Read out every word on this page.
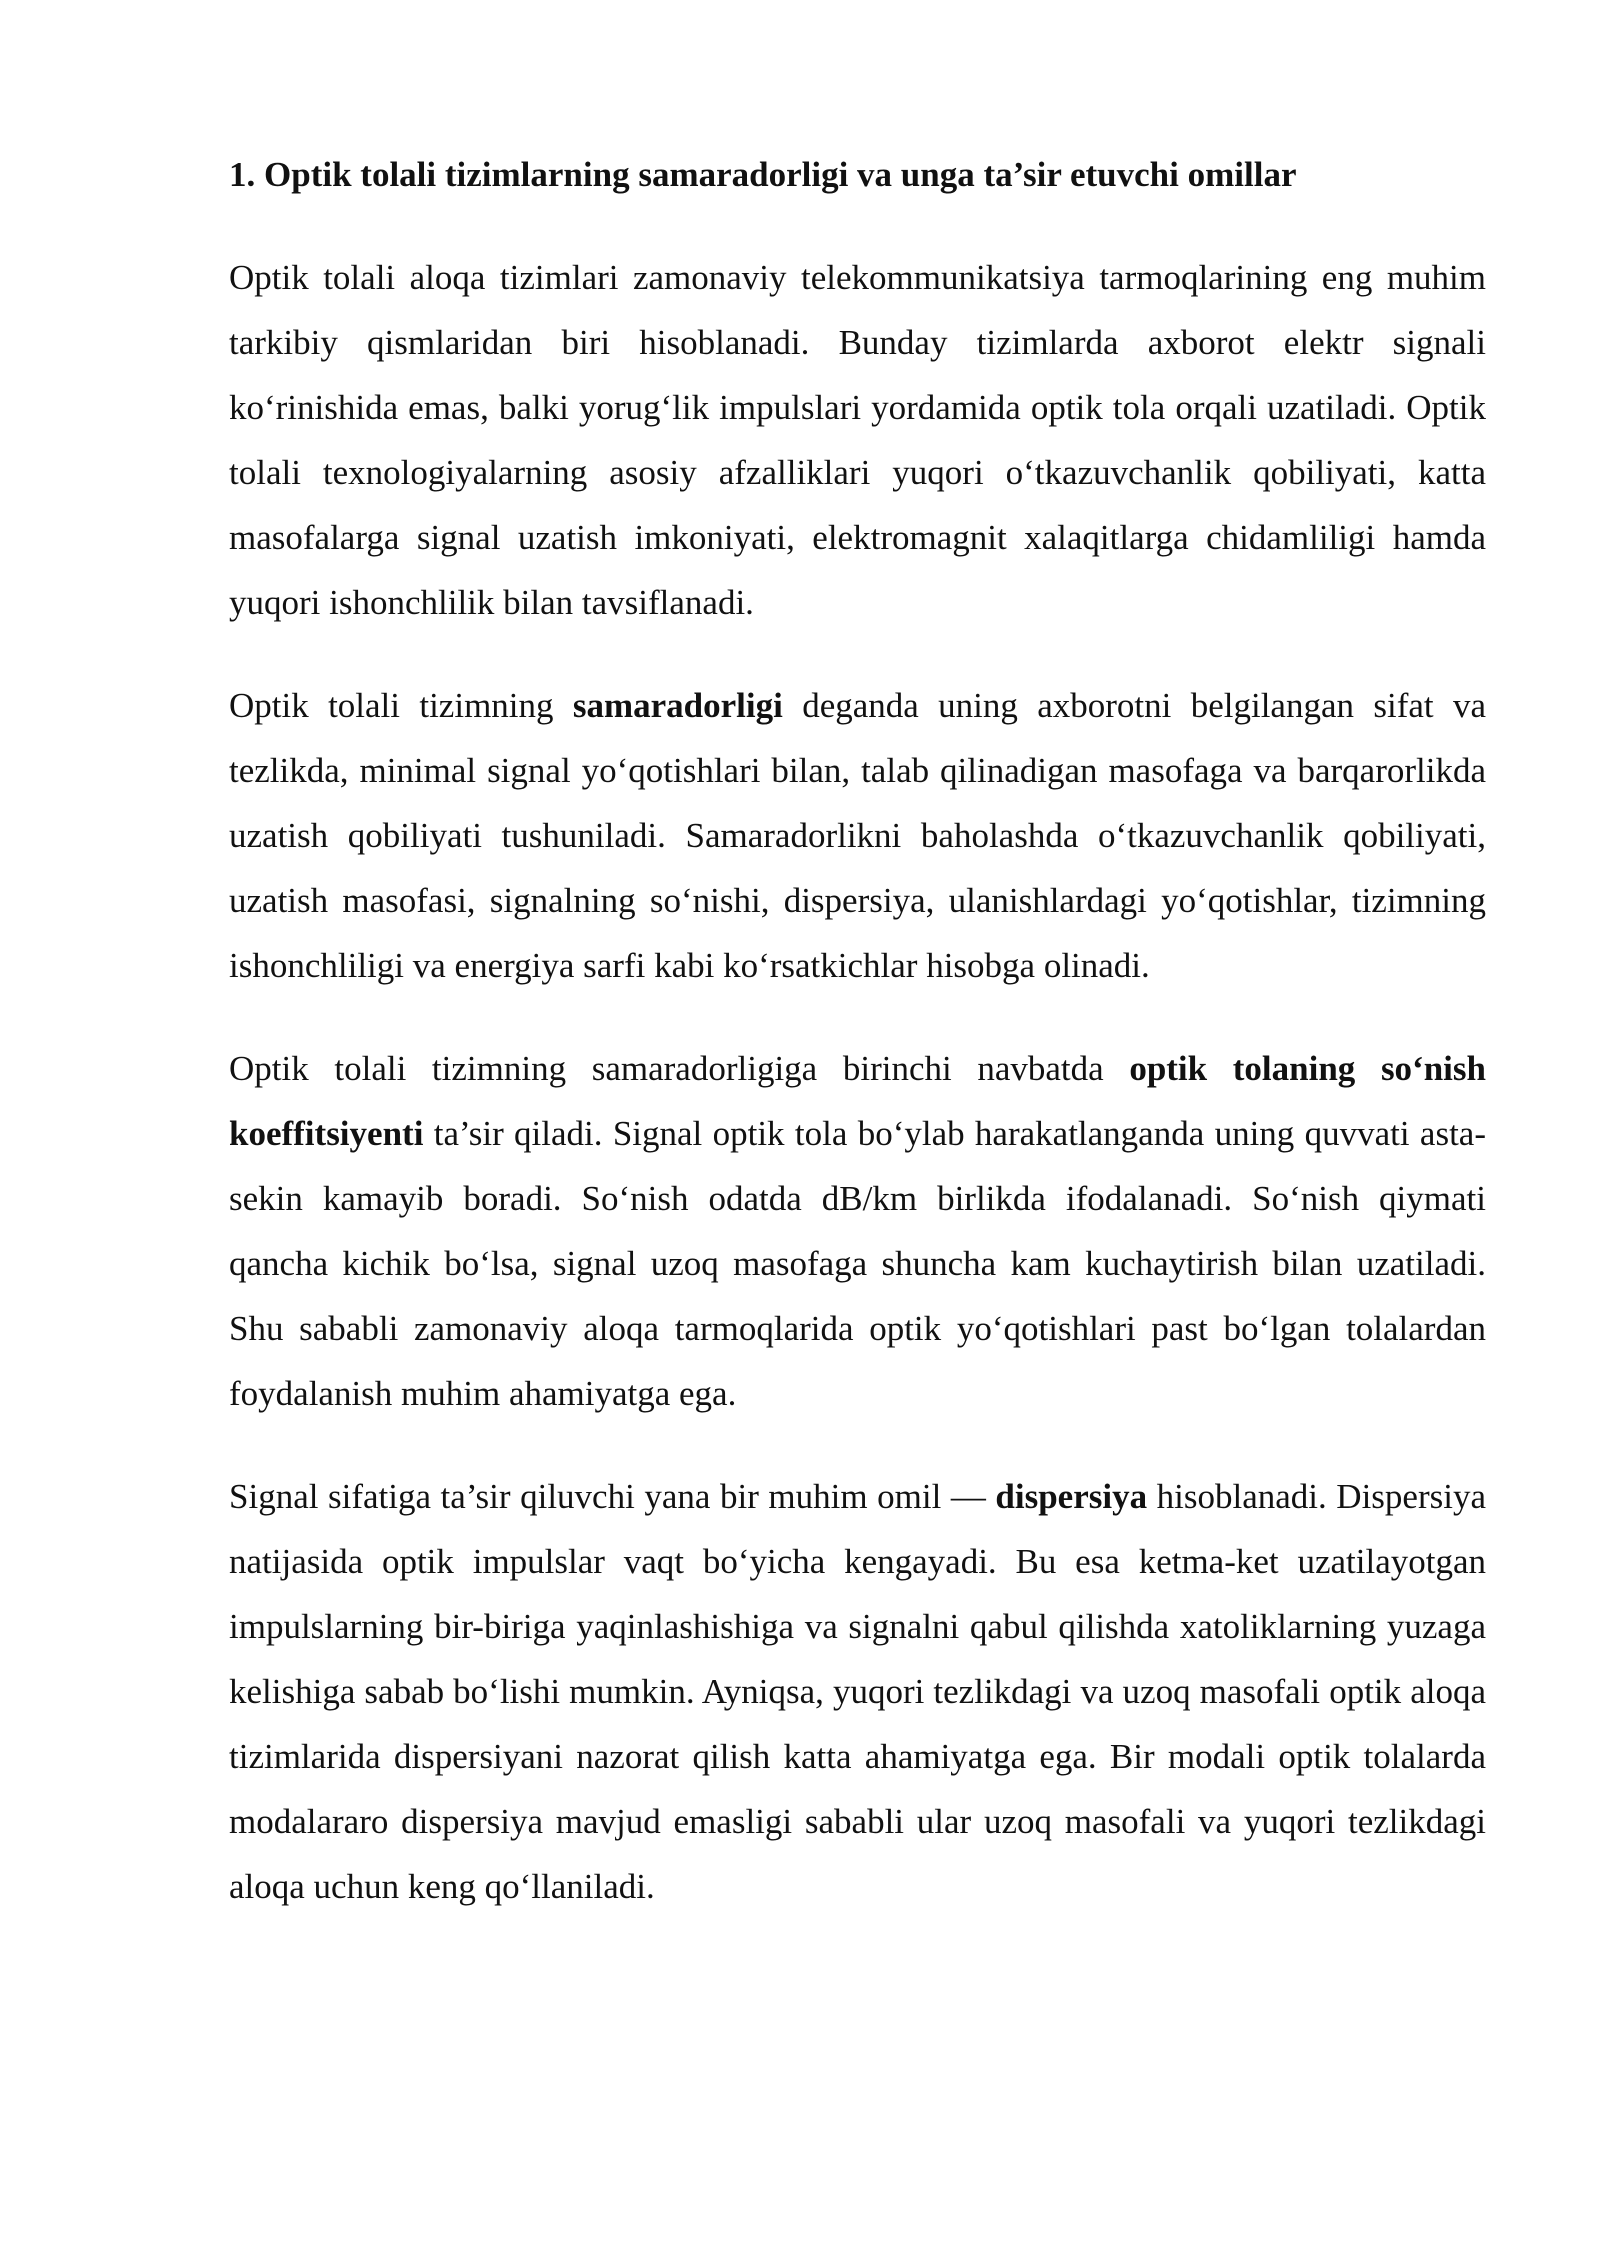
1. Optik tolali tizimlarning samaradorligi va unga ta’sir etuvchi omillar

Optik tolali aloqa tizimlari zamonaviy telekommunikatsiya tarmoqlarining eng muhim tarkibiy qismlaridan biri hisoblanadi. Bunday tizimlarda axborot elektr signali ko‘rinishida emas, balki yorug‘lik impulslari yordamida optik tola orqali uzatiladi. Optik tolali texnologiyalarning asosiy afzalliklari yuqori o‘tkazuvchanlik qobiliyati, katta masofalarga signal uzatish imkoniyati, elektromagnit xalaqitlarga chidamliligi hamda yuqori ishonchlilik bilan tavsiflanadi.

Optik tolali tizimning samaradorligi deganda uning axborotni belgilangan sifat va tezlikda, minimal signal yo‘qotishlari bilan, talab qilinadigan masofaga va barqarorlikda uzatish qobiliyati tushuniladi. Samaradorlikni baholashda o‘tkazuvchanlik qobiliyati, uzatish masofasi, signalning so‘nishi, dispersiya, ulanishlardagi yo‘qotishlar, tizimning ishonchliligi va energiya sarfi kabi ko‘rsatkichlar hisobga olinadi.

Optik tolali tizimning samaradorligiga birinchi navbatda optik tolaning so‘nish koeffitsiyenti ta’sir qiladi. Signal optik tola bo‘ylab harakatlanganda uning quvvati asta-sekin kamayib boradi. So‘nish odatda dB/km birlikda ifodalanadi. So‘nish qiymati qancha kichik bo‘lsa, signal uzoq masofaga shuncha kam kuchaytirish bilan uzatiladi. Shu sababli zamonaviy aloqa tarmoqlarida optik yo‘qotishlari past bo‘lgan tolalardan foydalanish muhim ahamiyatga ega.

Signal sifatiga ta’sir qiluvchi yana bir muhim omil — dispersiya hisoblanadi. Dispersiya natijasida optik impulslar vaqt bo‘yicha kengayadi. Bu esa ketma-ket uzatilayotgan impulslarning bir-biriga yaqinlashishiga va signalni qabul qilishda xatoliklarning yuzaga kelishiga sabab bo‘lishi mumkin. Ayniqsa, yuqori tezlikdagi va uzoq masofali optik aloqa tizimlarida dispersiyani nazorat qilish katta ahamiyatga ega. Bir modali optik tolalarda modalararo dispersiya mavjud emasligi sababli ular uzoq masofali va yuqori tezlikdagi aloqa uchun keng qo‘llaniladi.
